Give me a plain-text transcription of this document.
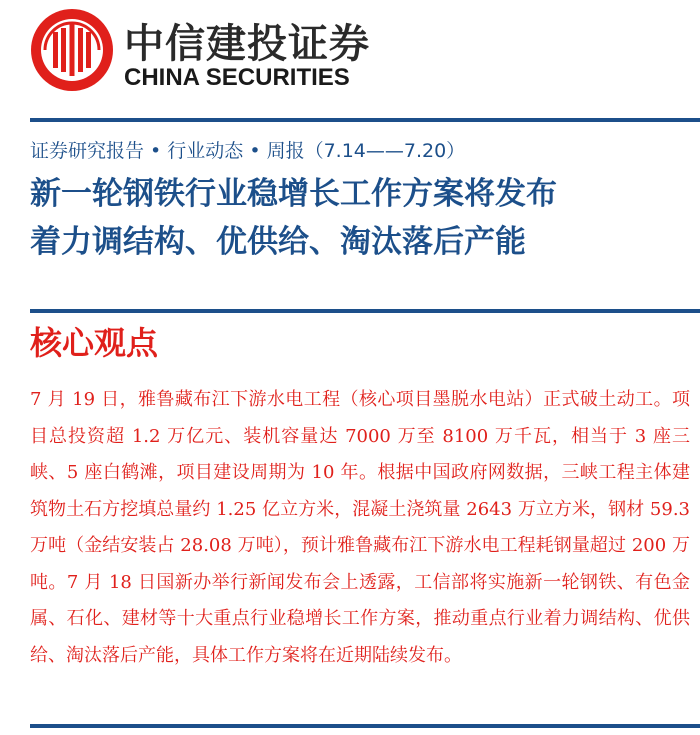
中信建投证券
CHINA SECURITIES
证券研究报告 • 行业动态 • 周报（7.14——7.20）
新一轮钢铁行业稳增长工作方案将发布
着力调结构、优供给、淘汰落后产能
核心观点
7 月 19 日，雅鲁藏布江下游水电工程（核心项目墨脱水电站）正式破土动工。项目总投资超 1.2 万亿元、装机容量达 7000 万至 8100 万千瓦，相当于 3 座三峡、5 座白鹤滩，项目建设周期为 10 年。根据中国政府网数据，三峡工程主体建筑物土石方挖填总量约 1.25 亿立方米，混凝土浇筑量 2643 万立方米，钢材 59.3 万吨（金结安装占 28.08 万吨），预计雅鲁藏布江下游水电工程耗钢量超过 200 万吨。7 月 18 日国新办举行新闻发布会上透露，工信部将实施新一轮钢铁、有色金属、石化、建材等十大重点行业稳增长工作方案，推动重点行业着力调结构、优供给、淘汰落后产能，具体工作方案将在近期陆续发布。
